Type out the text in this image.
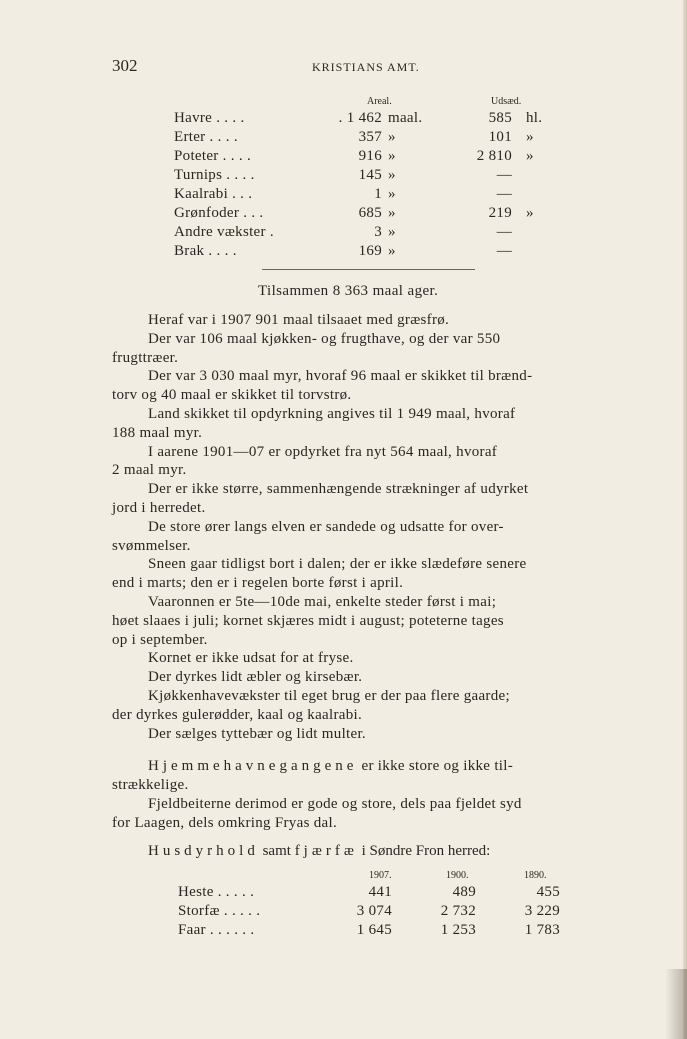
302	KRISTIANS AMT.
Areal.	Udsæd.
Havre . . . .	. 1 462 maal.	585 hl.
Erter . . . .	357 »	101 »
Poteter . . . .	916 »	2 810 »
Turnips . . . .	145 »	—
Kaalrabi . . .	1 »	—
Grønfoder . . .	685 »	219 »
Andre vækster .	3 »	—
Brak . . . .	169 »	—
Tilsammen 8 363 maal ager.
Heraf var i 1907 901 maal tilsaaet med græsfrø.
Der var 106 maal kjøkken- og frugthave, og der var 550
frugttræer.
Der var 3 030 maal myr, hvoraf 96 maal er skikket til brænd-
torv og 40 maal er skikket til torvstrø.
Land skikket til opdyrkning angives til 1 949 maal, hvoraf
188 maal myr.
I aarene 1901—07 er opdyrket fra nyt 564 maal, hvoraf
2 maal myr.
Der er ikke større, sammenhængende strækninger af udyrket
jord i herredet.
De store ører langs elven er sandede og udsatte for over-
svømmelser.
Sneen gaar tidligst bort i dalen; der er ikke slædeføre senere
end i marts; den er i regelen borte først i april.
Vaaronnen er 5te—10de mai, enkelte steder først i mai;
høet slaaes i juli; kornet skjæres midt i august; poteterne tages
op i september.
Kornet er ikke udsat for at fryse.
Der dyrkes lidt æbler og kirsebær.
Kjøkkenhavevækster til eget brug er der paa flere gaarde;
der dyrkes gulerødder, kaal og kaalrabi.
Der sælges tyttebær og lidt multer.
Hjemmehavnegangene er ikke store og ikke til-
strækkelige.
Fjeldbeiterne derimod er gode og store, dels paa fjeldet syd
for Laagen, dels omkring Fryas dal.
Husdyrhold samt fjærfæ i Søndre Fron herred:
1907.	1900.	1890.
Heste . . . . .	441	489	455
Storfæ . . . . .	3 074	2 732	3 229
Faar . . . . . .	1 645	1 253	1 783
